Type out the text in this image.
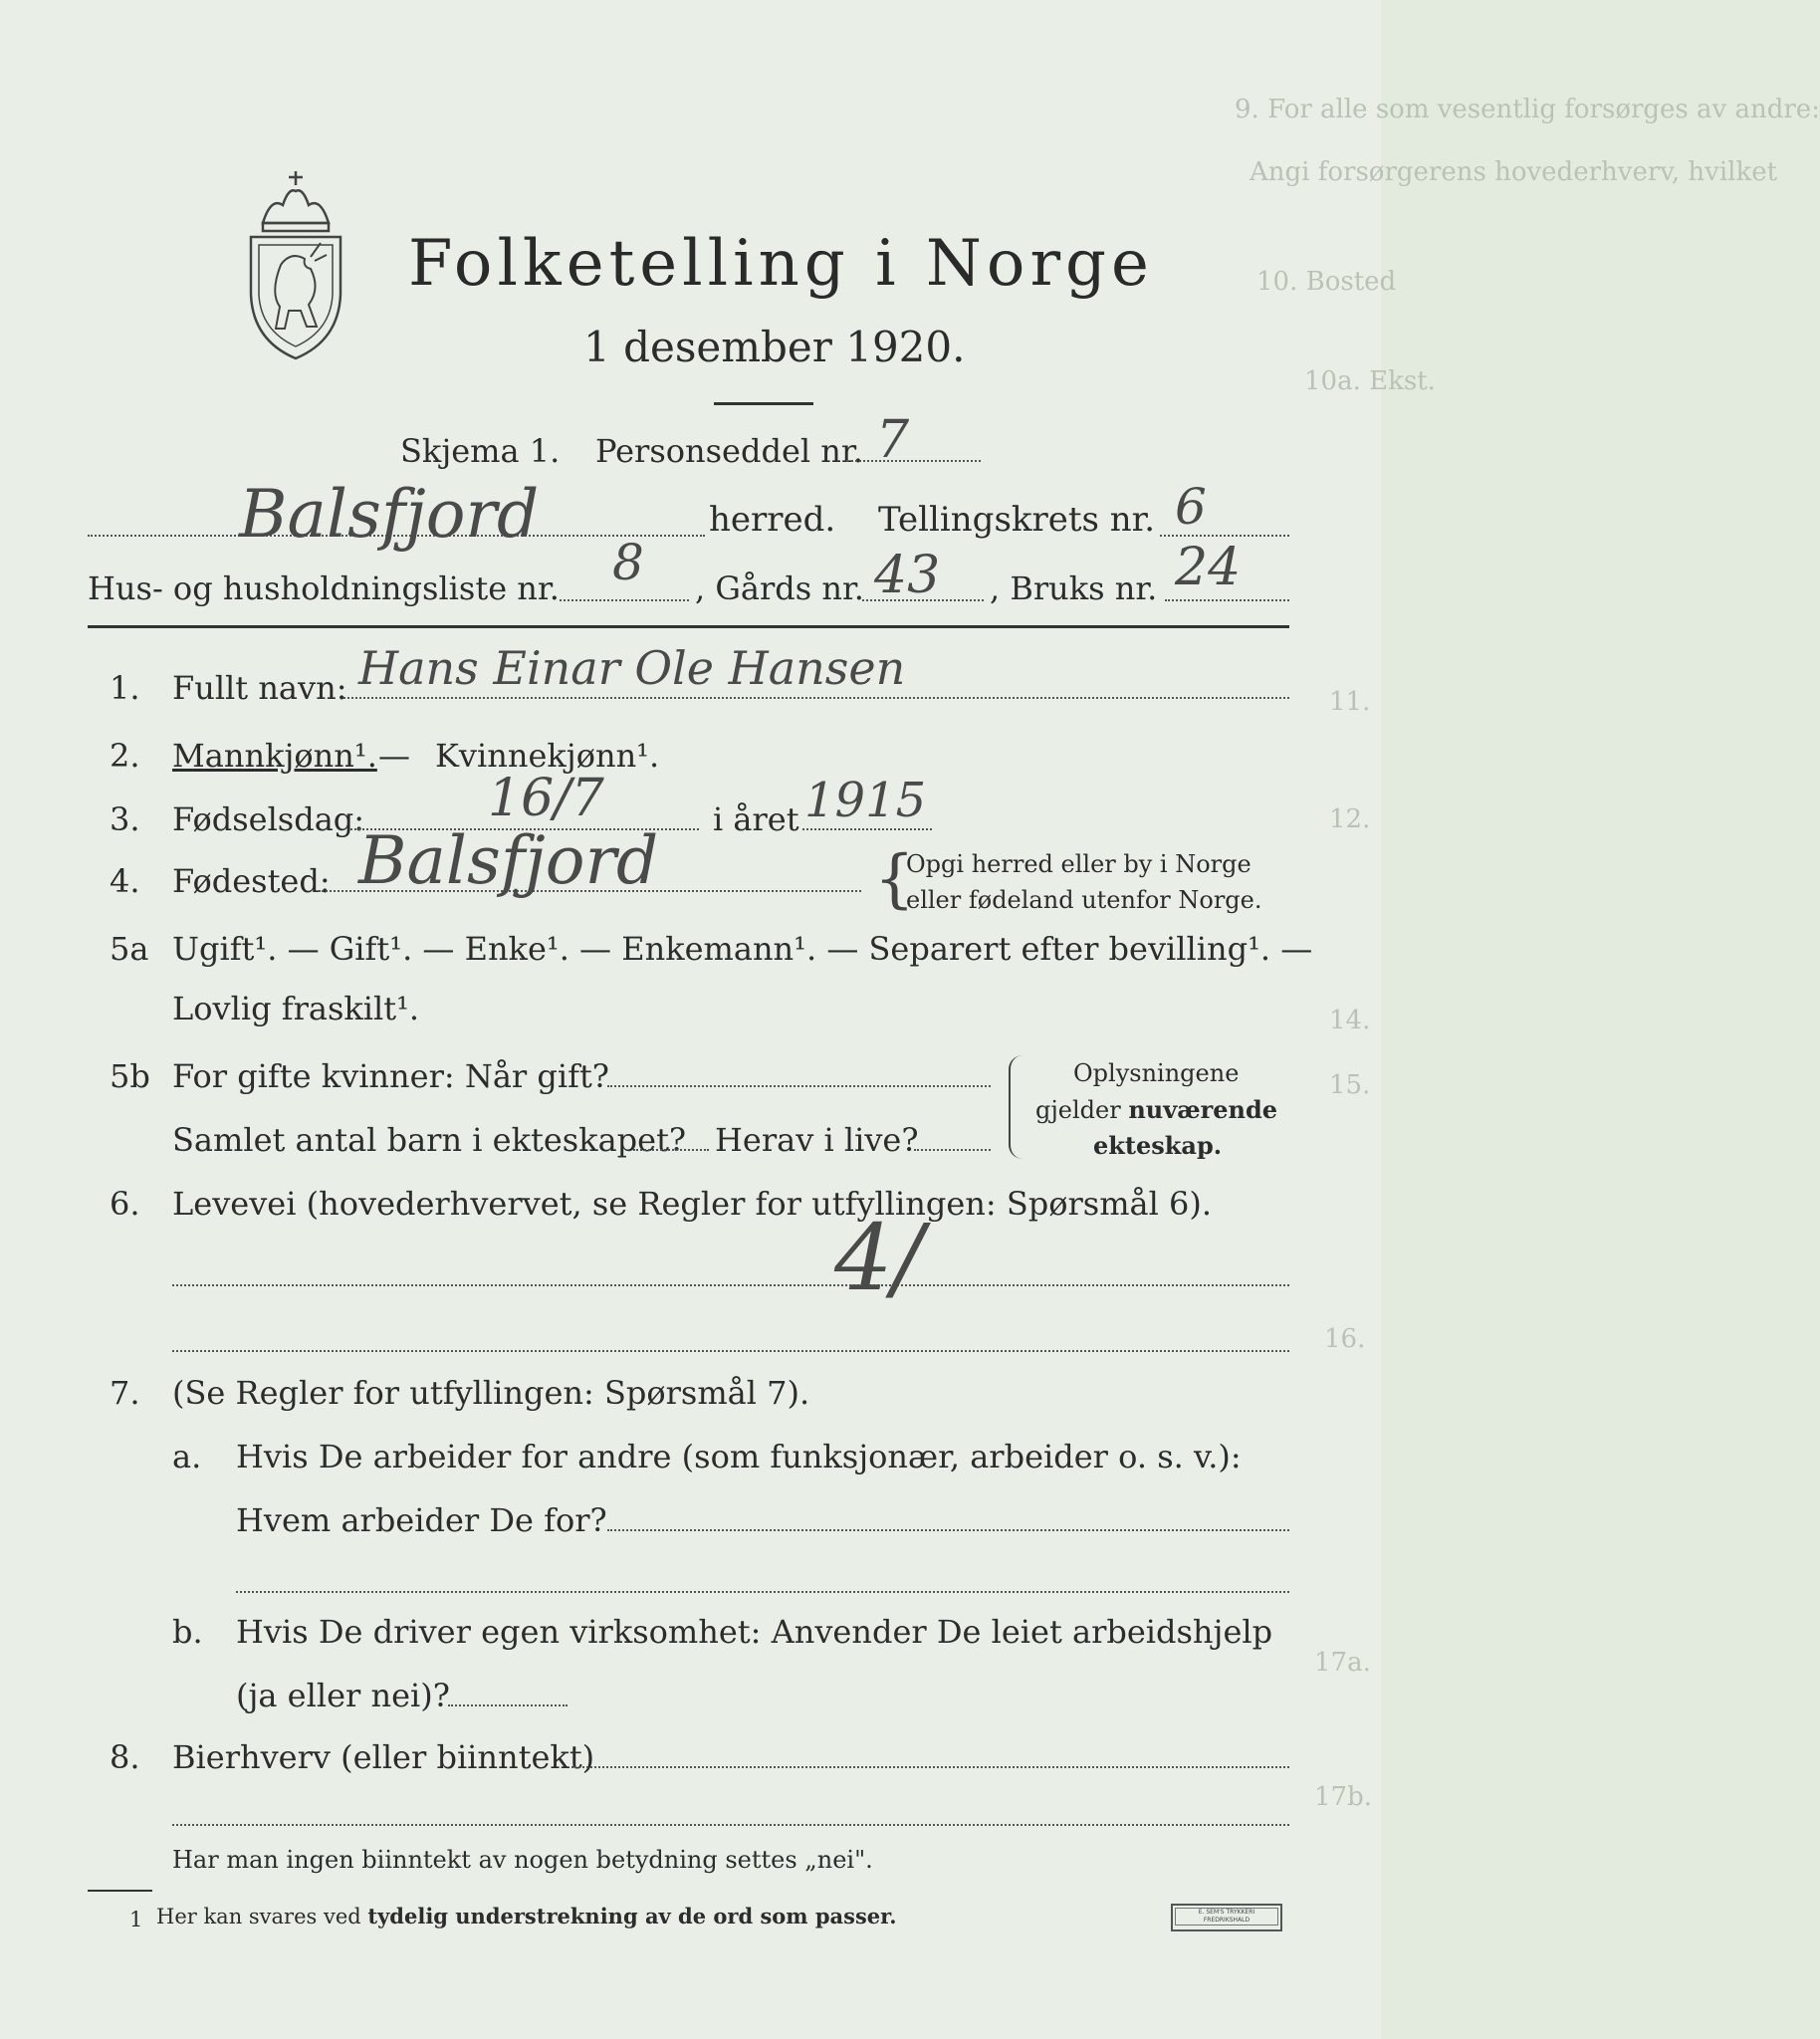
9. For alle som vesentlig forsørges av andre:
Angi forsørgerens hovederhverv, hvilket
10. Bosted
10a. Ekst.
11.
12.
14.
15.
16.
17a.
17b.
Folketelling i Norge
1 desember 1920.
Skjema 1. Personseddel nr. 7
Balsfjord	herred. Tellingskrets nr. 6
Hus- og husholdningsliste nr. 8 , Gårds nr. 43 , Bruks nr. 24
1. Fullt navn: Hans Einar Ole Hansen
2. Mannkjønn¹. — Kvinnekjønn¹.
3. Fødselsdag: 16/7	i året 1915
4. Fødested: Balsfjord	{
Opgi herred eller by i Norge
eller fødeland utenfor Norge.
5a Ugift¹. — Gift¹. — Enke¹. — Enkemann¹. — Separert efter bevilling¹. —
Lovlig fraskilt¹.
5b For gifte kvinner: Når gift?
Samlet antal barn i ekteskapet? Herav i live?
Oplysningene
gjelder nuværende
ekteskap.
6. Levevei (hovederhvervet, se Regler for utfyllingen: Spørsmål 6).
4/
7. (Se Regler for utfyllingen: Spørsmål 7).
a. Hvis De arbeider for andre (som funksjonær, arbeider o. s. v.):
Hvem arbeider De for?
b. Hvis De driver egen virksomhet: Anvender De leiet arbeidshjelp
(ja eller nei)?
8. Bierhverv (eller biinntekt)
Har man ingen biinntekt av nogen betydning settes „nei".
1 Her kan svares ved tydelig understrekning av de ord som passer.	E. SEM'S TRYKKERI FREDRIKSHALD
